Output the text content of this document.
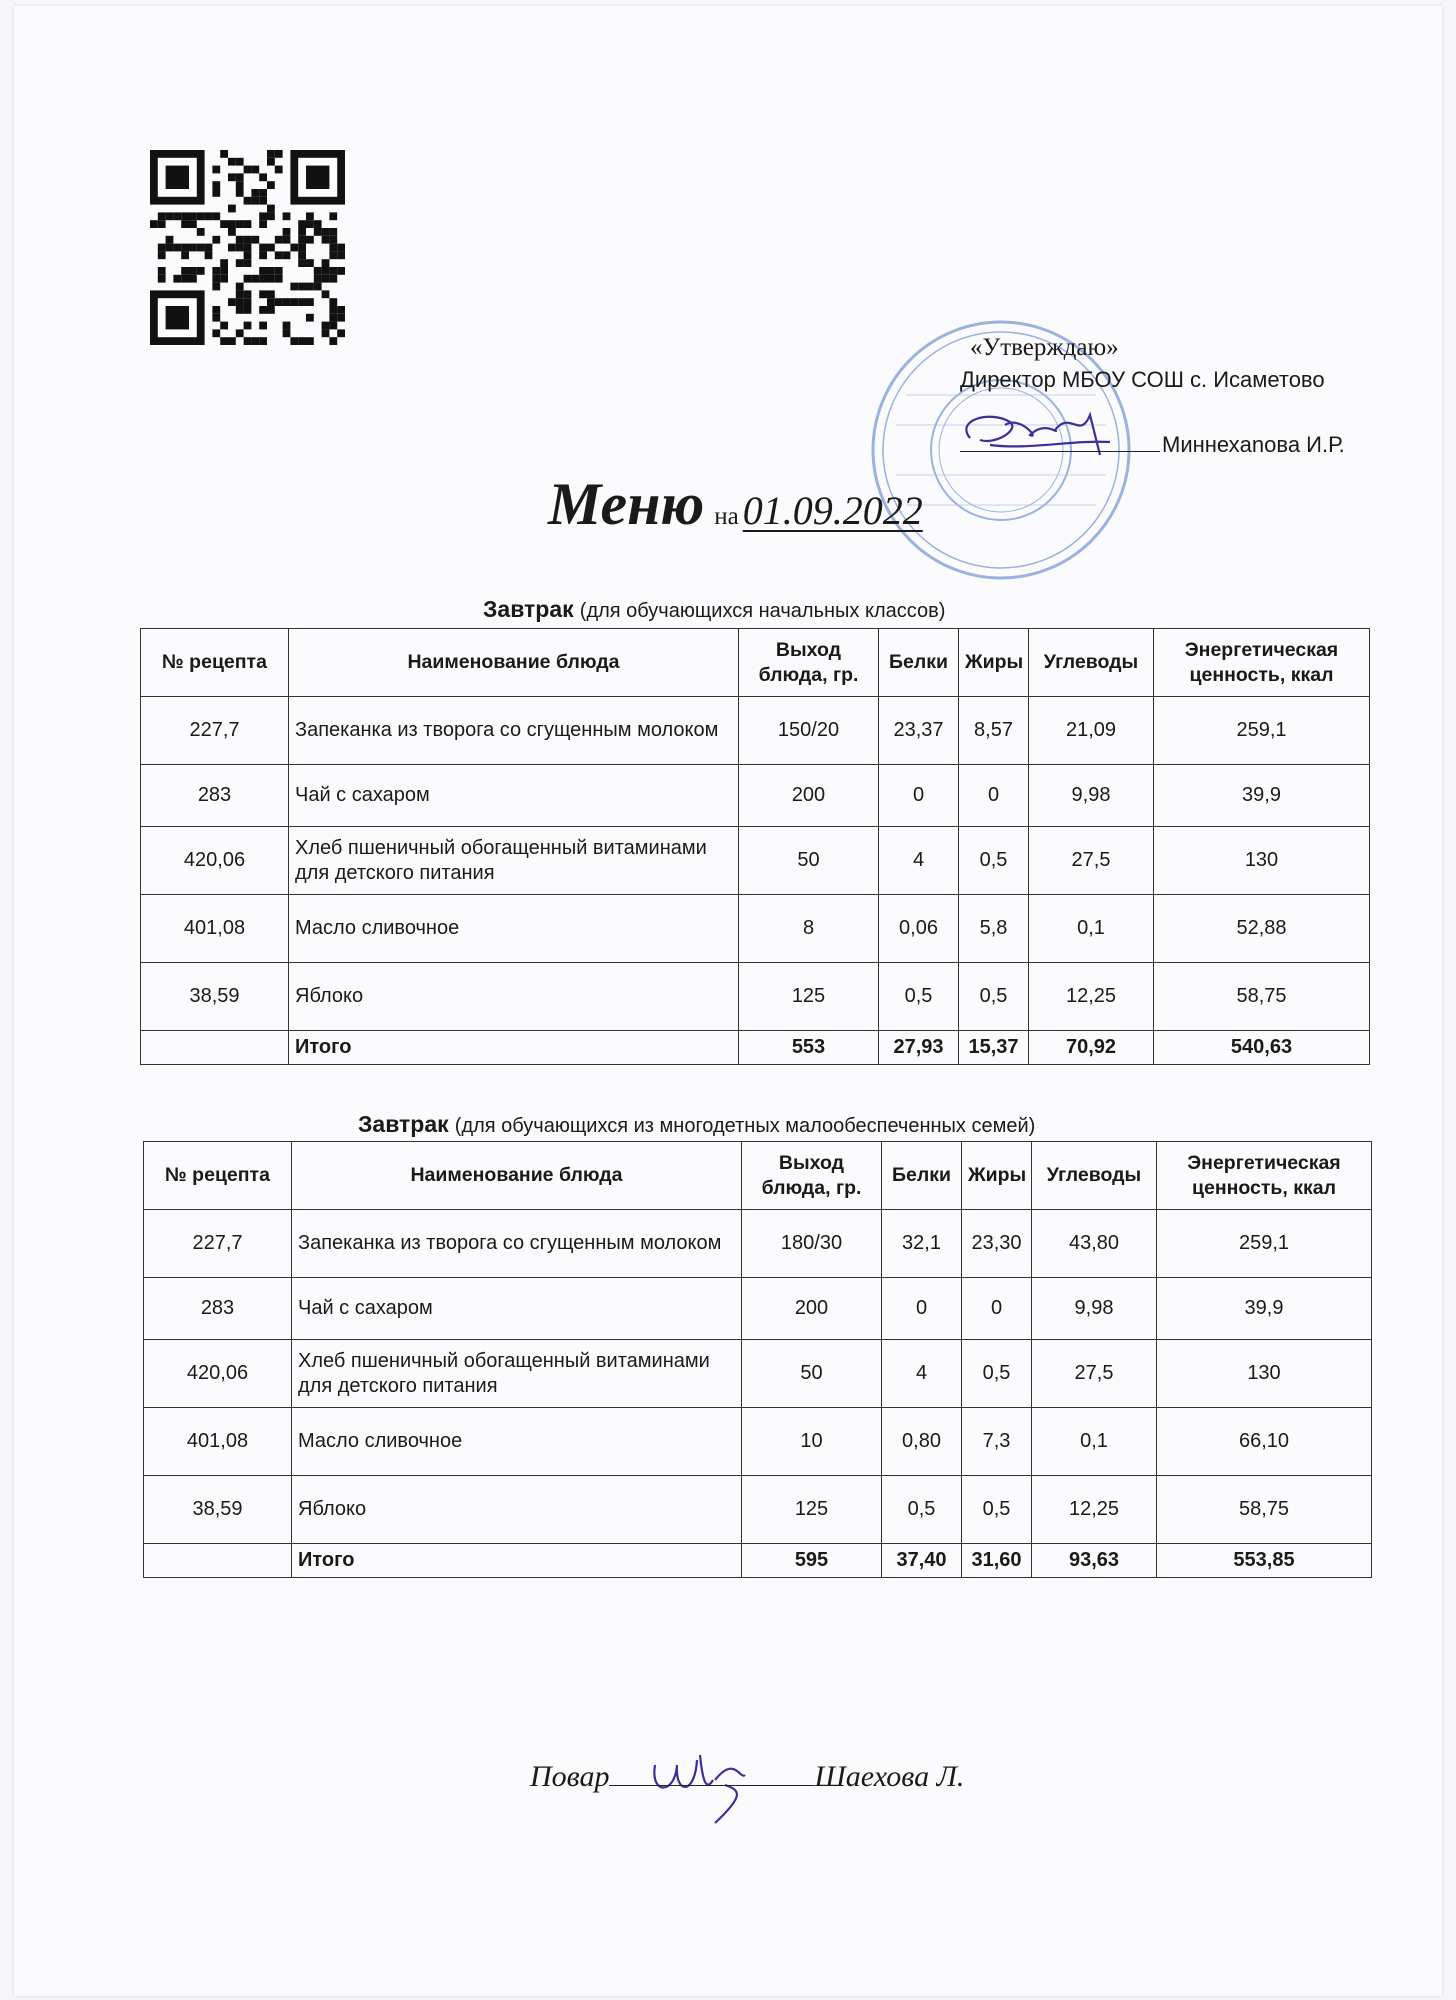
«Утверждаю»
Директор МБОУ СОШ с. Исаметово
Миннехanова И.Р.
Меню на 01.09.2022
Завтрак (для обучающихся начальных классов)
№ рецепта	Наименование блюда	Выход блюда, гр.	Белки	Жиры	Углеводы	Энергетическая ценность, ккал
227,7	Запеканка из творога со сгущенным молоком	150/20	23,37	8,57	21,09	259,1
283	Чай с сахаром	200	0	0	9,98	39,9
420,06	Хлеб пшеничный обогащенный витаминами для детского питания	50	4	0,5	27,5	130
401,08	Масло сливочное	8	0,06	5,8	0,1	52,88
38,59	Яблоко	125	0,5	0,5	12,25	58,75
	Итого	553	27,93	15,37	70,92	540,63
Завтрак (для обучающихся из многодетных малообеспеченных семей)
№ рецепта	Наименование блюда	Выход блюда, гр.	Белки	Жиры	Углеводы	Энергетическая ценность, ккал
227,7	Запеканка из творога со сгущенным молоком	180/30	32,1	23,30	43,80	259,1
283	Чай с сахаром	200	0	0	9,98	39,9
420,06	Хлеб пшеничный обогащенный витаминами для детского питания	50	4	0,5	27,5	130
401,08	Масло сливочное	10	0,80	7,3	0,1	66,10
38,59	Яблоко	125	0,5	0,5	12,25	58,75
	Итого	595	37,40	31,60	93,63	553,85
Повар	Шаехова Л.
